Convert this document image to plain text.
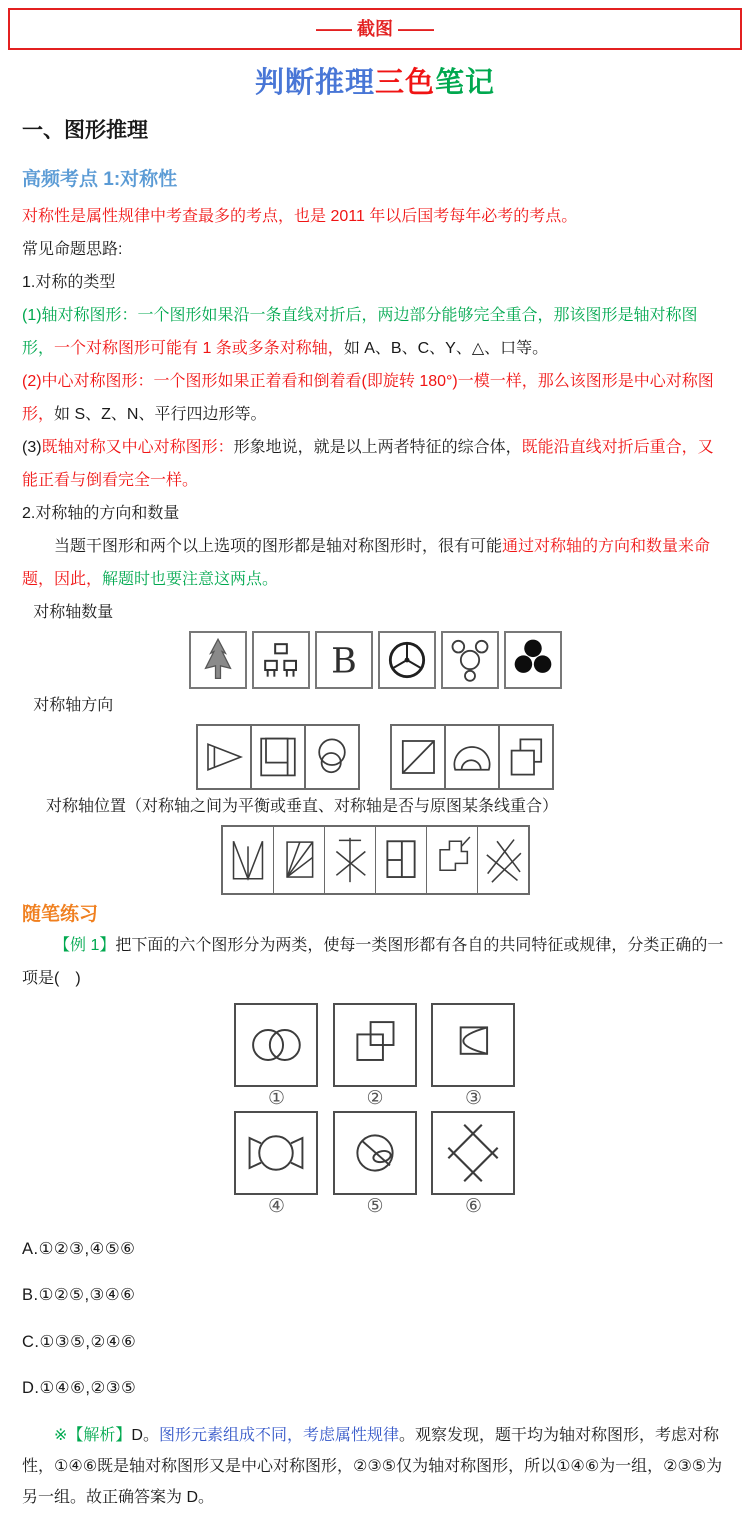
—— 截图 ——
判断推理三色笔记
一、图形推理
高频考点 1:对称性

对称性是属性规律中考查最多的考点，也是 2011 年以后国考每年必考的考点。

常见命题思路:

1.对称的类型

(1)轴对称图形：一个图形如果沿一条直线对折后，两边部分能够完全重合，那该图形是轴对称图形，一个对称图形可能有 1 条或多条对称轴，如 A、B、C、Y、△、口等。

(2)中心对称图形：一个图形如果正着看和倒着看(即旋转 180°)一模一样，那么该图形是中心对称图形，如 S、Z、N、平行四边形等。

(3)既轴对称又中心对称图形：形象地说，就是以上两者特征的综合体，既能沿直线对折后重合，又能正看与倒看完全一样。

2.对称轴的方向和数量

当题干图形和两个以上选项的图形都是轴对称图形时，很有可能通过对称轴的方向和数量来命题，因此，解题时也要注意这两点。

对称轴数量

B

对称轴方向

对称轴位置（对称轴之间为平衡或垂直、对称轴是否与原图某条线重合）

随笔练习

【例 1】把下面的六个图形分为两类，使每一类图形都有各自的共同特征或规律，分类正确的一项是(　)

①	②	③
④	⑤	⑥

A.①②③,④⑤⑥

B.①②⑤,③④⑥

C.①③⑤,②④⑥

D.①④⑥,②③⑤

※【解析】D。图形元素组成不同，考虑属性规律。观察发现，题干均为轴对称图形，考虑对称性，①④⑥既是轴对称图形又是中心对称图形，②③⑤仅为轴对称图形，所以①④⑥为一组，②③⑤为另一组。故正确答案为 D。
